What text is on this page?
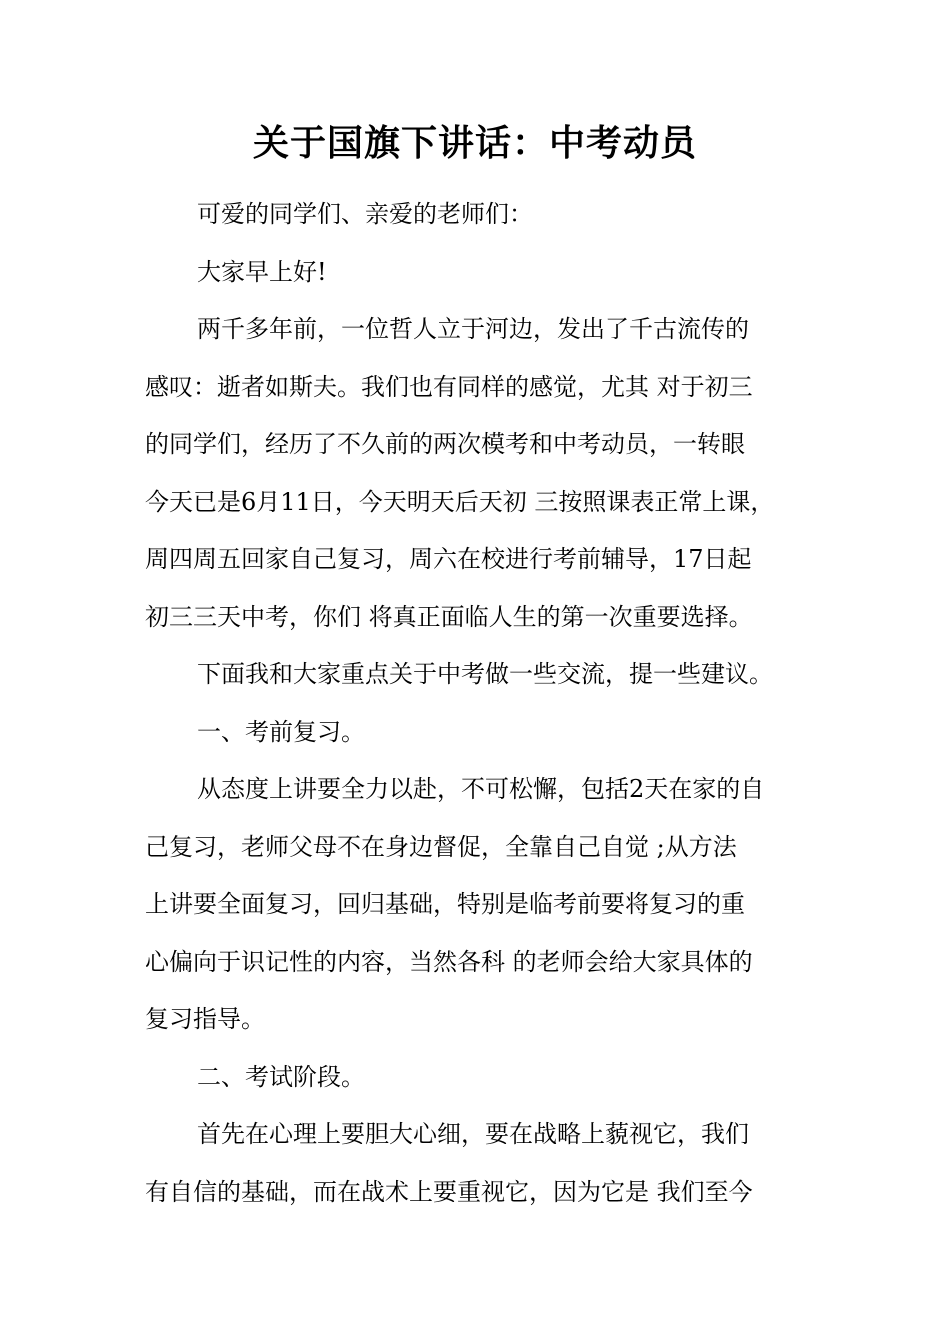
关于国旗下讲话：中考动员
可爱的同学们、亲爱的老师们：
大家早上好!
两千多年前，一位哲人立于河边，发出了千古流传的
感叹：逝者如斯夫。我们也有同样的感觉，尤其 对于初三
的同学们，经历了不久前的两次模考和中考动员，一转眼
今天已是6月11日，今天明天后天初 三按照课表正常上课，
周四周五回家自己复习，周六在校进行考前辅导，17日起
初三三天中考，你们 将真正面临人生的第一次重要选择。
下面我和大家重点关于中考做一些交流，提一些建议。
一、考前复习。
从态度上讲要全力以赴，不可松懈，包括2天在家的自
己复习，老师父母不在身边督促，全靠自己自觉 ;从方法
上讲要全面复习，回归基础，特别是临考前要将复习的重
心偏向于识记性的内容，当然各科 的老师会给大家具体的
复习指导。
二、考试阶段。
首先在心理上要胆大心细，要在战略上藐视它，我们
有自信的基础，而在战术上要重视它，因为它是 我们至今
